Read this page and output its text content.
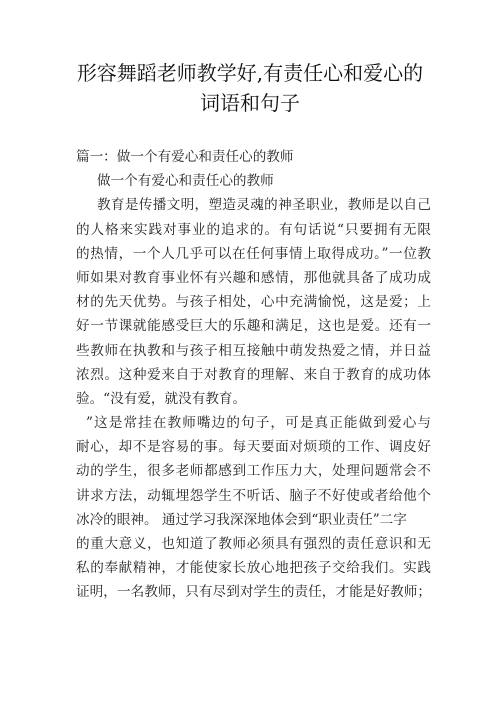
形容舞蹈老师教学好,有责任心和爱心的
词语和句子
篇一：做一个有爱心和责任心的教师
做一个有爱心和责任心的教师
教育是传播文明，塑造灵魂的神圣职业，教师是以自己
的人格来实践对事业的追求的。有句话说“只要拥有无限
的热情，一个人几乎可以在任何事情上取得成功。”一位教
师如果对教育事业怀有兴趣和感情，那他就具备了成功成
材的先天优势。与孩子相处，心中充满愉悦，这是爱；上
好一节课就能感受巨大的乐趣和满足，这也是爱。还有一
些教师在执教和与孩子相互接触中萌发热爱之情，并日益
浓烈。这种爱来自于对教育的理解、来自于教育的成功体
验。“没有爱，就没有教育。
”这是常挂在教师嘴边的句子，可是真正能做到爱心与
耐心，却不是容易的事。每天要面对烦琐的工作、调皮好
动的学生，很多老师都感到工作压力大，处理问题常会不
讲求方法，动辄埋怨学生不听话、脑子不好使或者给他个
冰冷的眼神。 通过学习我深深地体会到“职业责任”二字
的重大意义，也知道了教师必须具有强烈的责任意识和无
私的奉献精神，才能使家长放心地把孩子交给我们。实践
证明，一名教师，只有尽到对学生的责任，才能是好教师；
